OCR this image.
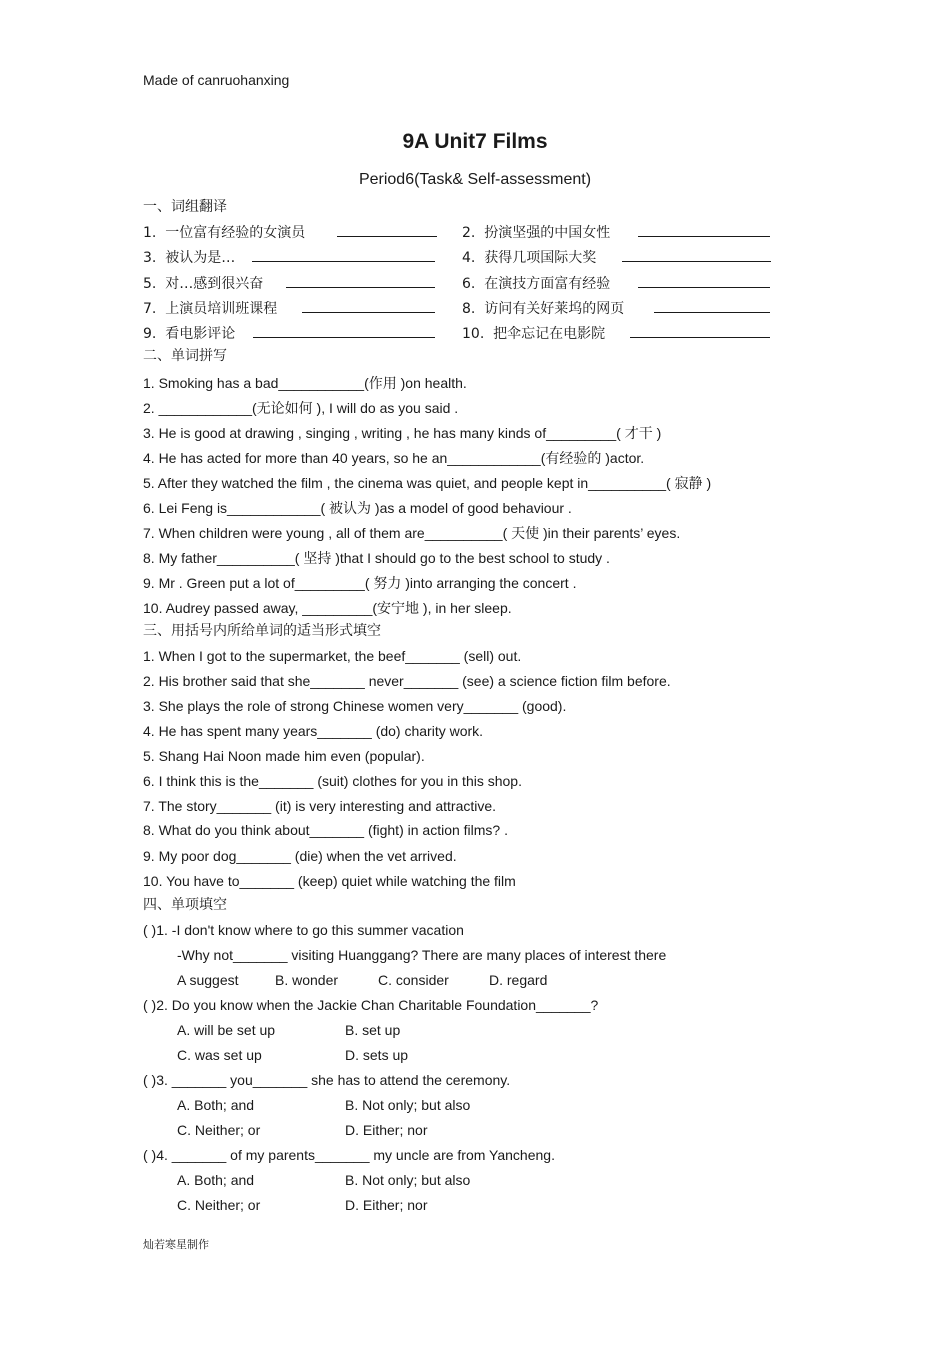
Made of canruohanxing
9A Unit7 Films
Period6(Task& Self-assessment)
一、词组翻译
1. 一位富有经验的女演员	2. 扮演坚强的中国女性
3. 被认为是…	4. 获得几项国际大奖
5. 对…感到很兴奋	6. 在演技方面富有经验
7. 上演员培训班课程	8. 访问有关好莱坞的网页
9. 看电影评论	10. 把伞忘记在电影院
二、单词拼写
1. Smoking has a bad___________(作用 )on health.
2. ____________(无论如何 ), I will do as you said .
3. He is good at drawing , singing , writing , he has many kinds of_________( 才干 )
4. He has acted for more than 40 years, so he an____________(有经验的 )actor.
5. After they watched the film , the cinema was quiet, and people kept in__________( 寂静 )
6. Lei Feng is____________( 被认为 )as a model of good behaviour .
7. When children were young , all of them are__________( 天使 )in their parents’ eyes.
8. My father__________( 坚持 )that I should go to the best school to study .
9. Mr . Green put a lot of_________( 努力 )into arranging the concert .
10. Audrey passed away, _________(安宁地 ), in her sleep.
三、用括号内所给单词的适当形式填空
1. When I got to the supermarket, the beef_______ (sell) out.
2. His brother said that she_______ never_______ (see) a science fiction film before.
3. She plays the role of strong Chinese women very_______ (good).
4. He has spent many years_______ (do) charity work.
5. Shang Hai Noon made him even (popular).
6. I think this is the_______ (suit) clothes for you in this shop.
7. The story_______ (it) is very interesting and attractive.
8. What do you think about_______ (fight) in action films? .
9. My poor dog_______ (die) when the vet arrived.
10. You have to_______ (keep) quiet while watching the film
四、单项填空
( )1. -I don't know where to go this summer vacation
-Why not_______ visiting Huanggang? There are many places of interest there
A suggest	B. wonder	C. consider	D. regard
( )2. Do you know when the Jackie Chan Charitable Foundation_______?
A. will be set up	B. set up
C. was set up	D. sets up
( )3. _______ you_______ she has to attend the ceremony.
A. Both; and	B. Not only; but also
C. Neither; or	D. Either; nor
( )4. _______ of my parents_______ my uncle are from Yancheng.
A. Both; and	B. Not only; but also
C. Neither; or	D. Either; nor
灿若寒星制作
